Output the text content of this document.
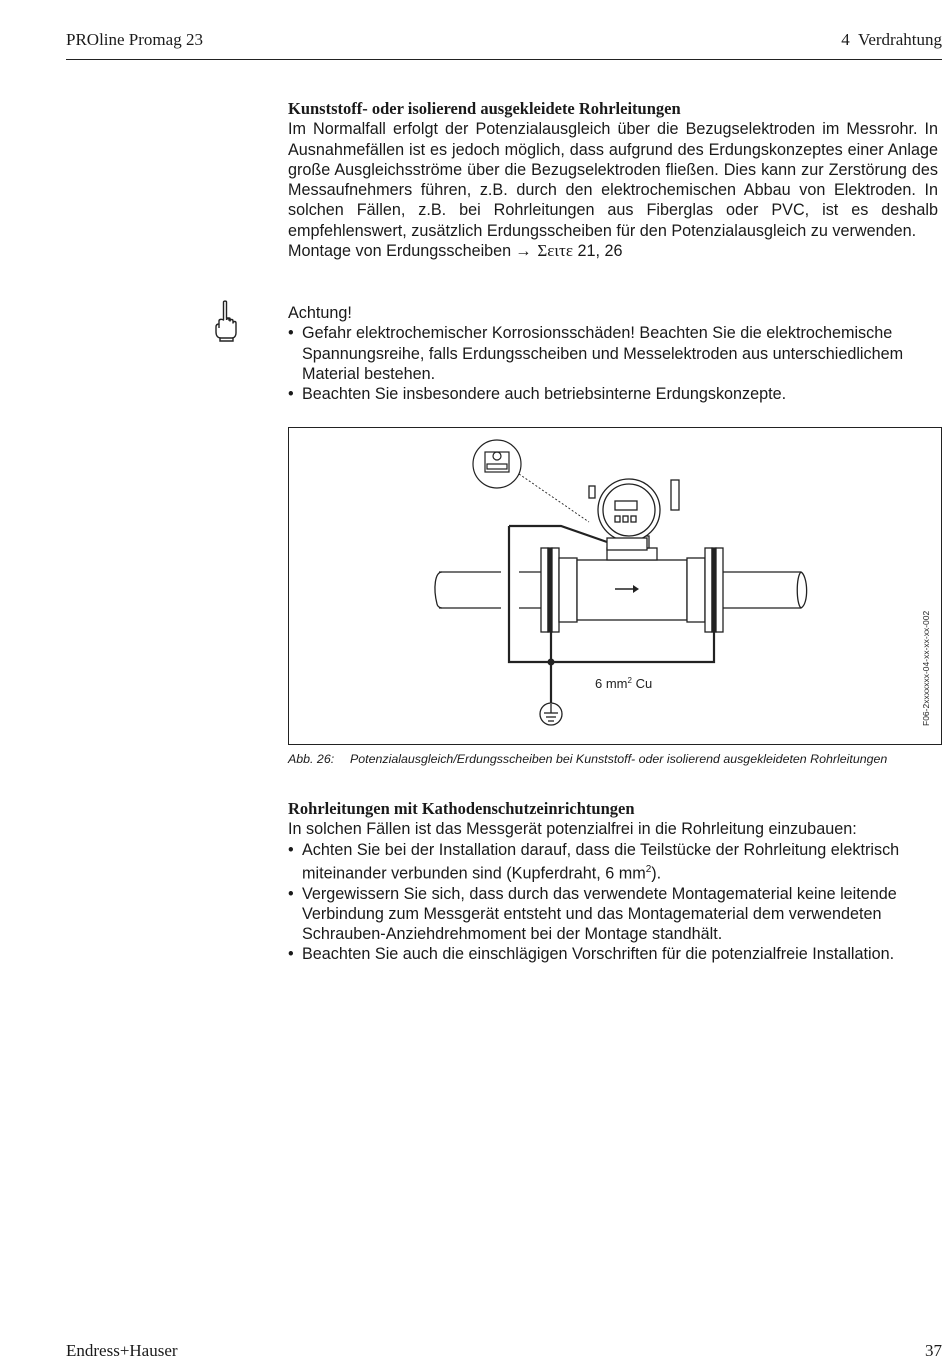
PROline Promag 23	4  Verdrahtung

Kunststoff- oder isolierend ausgekleidete Rohrleitungen

Im Normalfall erfolgt der Potenzialausgleich über die Bezugselektroden im Messrohr. In Ausnahmefällen ist es jedoch möglich, dass aufgrund des Erdungskonzeptes einer Anlage große Ausgleichsströme über die Bezugselektroden fließen. Dies kann zur Zerstörung des Messaufnehmers führen, z.B. durch den elektrochemischen Abbau von Elektroden. In solchen Fällen, z.B. bei Rohrleitungen aus Fiberglas oder PVC, ist es deshalb empfehlenswert, zusätzlich Erdungsscheiben für den Potenzialausgleich zu verwenden.

Montage von Erdungsscheiben → Σειτε 21, 26

Achtung!

• Gefahr elektrochemischer Korrosionsschäden! Beachten Sie die elektrochemische Spannungsreihe, falls Erdungsscheiben und Messelektroden aus unterschiedlichem Material bestehen.
• Beachten Sie insbesondere auch betriebsinterne Erdungskonzepte.
6 $mm^2$ Cu	F06-2xxxxxxx-04-xx-xx-xx-002
Abb. 26: Potenzialausgleich/Erdungsscheiben bei Kunststoff- oder isolierend ausgekleideten Rohrleitungen

Rohrleitungen mit Kathodenschutzeinrichtungen

In solchen Fällen ist das Messgerät potenzialfrei in die Rohrleitung einzubauen:

• Achten Sie bei der Installation darauf, dass die Teilstücke der Rohrleitung elektrisch miteinander verbunden sind (Kupferdraht, 6 $mm^2$).
• Vergewissern Sie sich, dass durch das verwendete Montagematerial keine leitende Verbindung zum Messgerät entsteht und das Montagematerial dem verwendeten Schrauben-Anziehdrehmoment bei der Montage standhält.
• Beachten Sie auch die einschlägigen Vorschriften für die potenzialfreie Installation.
Endress+Hauser	37
